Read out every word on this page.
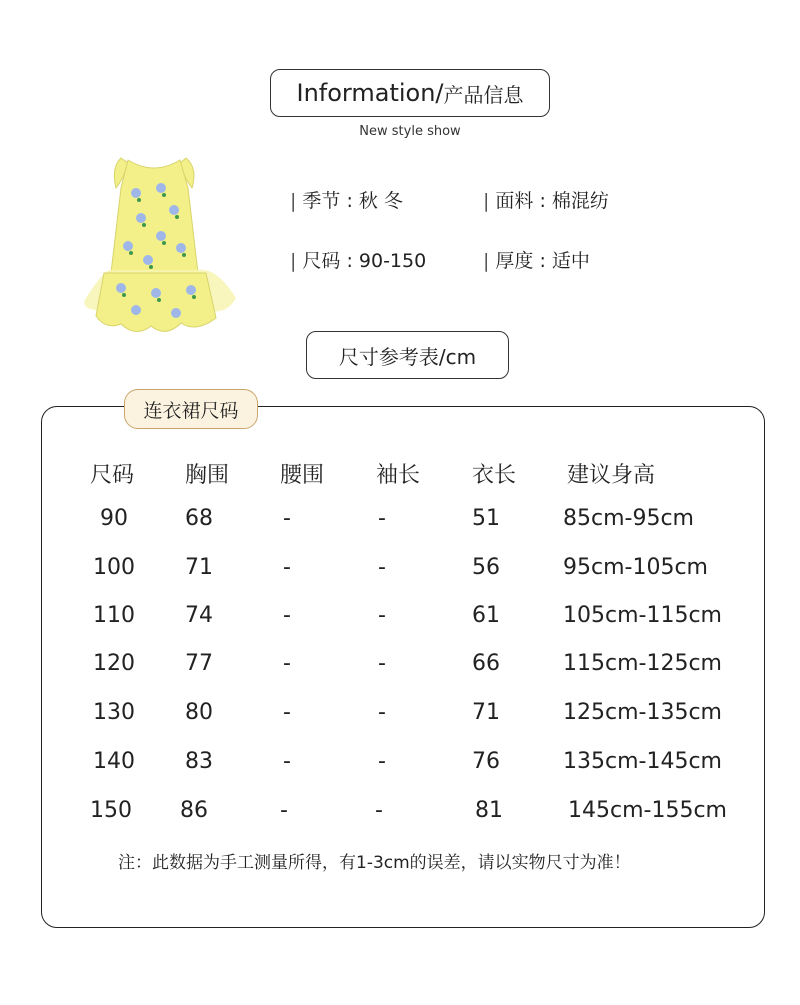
Information/ 产品信息
New style show
| 季节 : 秋 冬	| 面料 : 棉混纺
| 尺码 : 90-150	| 厚度 : 适中
尺寸参考表/cm
连衣裙尺码
尺码 胸围 腰围 袖长 衣长 建议身高
90	68	-	-	51	85cm-95cm
100 71	-	-	56	95cm-105cm
110 74	-	-	61	105cm-115cm
120 77	-	-	66	115cm-125cm
130 80	-	-	71	125cm-135cm
140 83	-	-	76	135cm-145cm
150 86	-	-	81	145cm-155cm
注：此数据为手工测量所得，有1-3cm的误差，请以实物尺寸为准！
